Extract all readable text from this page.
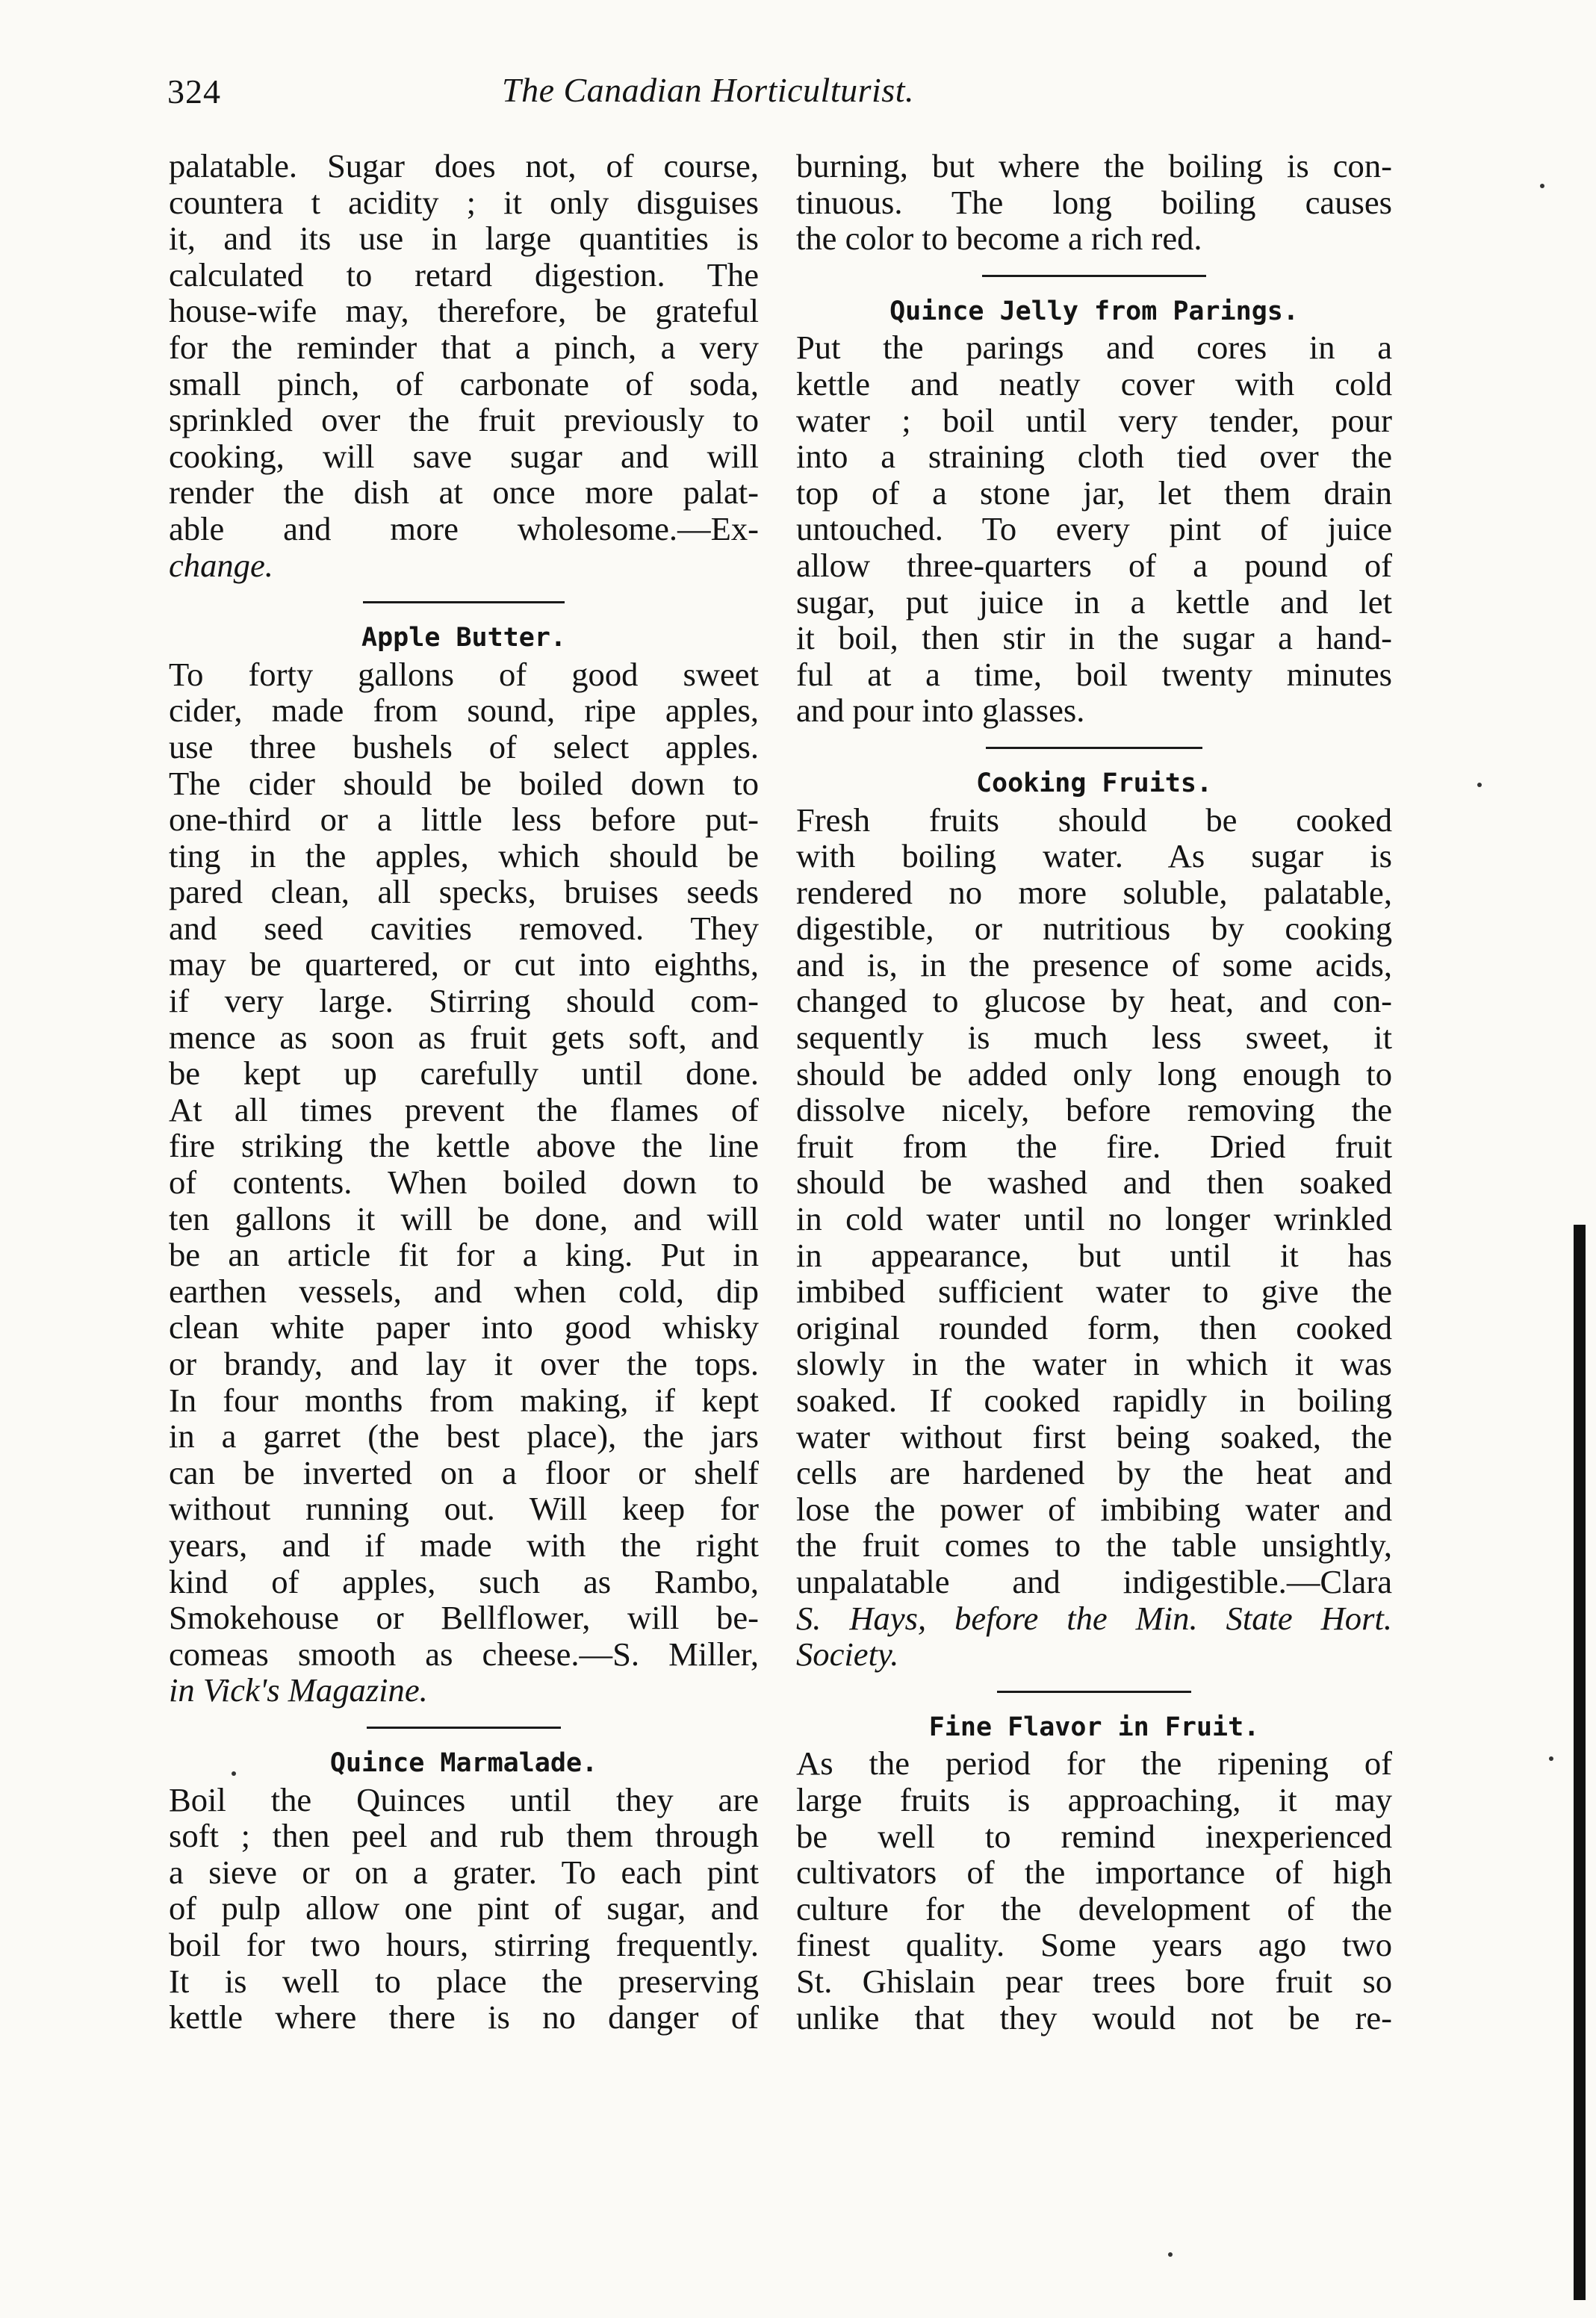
324	The Canadian Horticulturist.
palatable. Sugar does not, of course,
countera t acidity ; it only disguises
it, and its use in large quantities is
calculated to retard digestion. The
house-wife may, therefore, be grateful
for the reminder that a pinch, a very
small pinch, of carbonate of soda,
sprinkled over the fruit previously to
cooking, will save sugar and will
render the dish at once more palat-
able and more wholesome.—Ex-
change.
Apple Butter.
To forty gallons of good sweet
cider, made from sound, ripe apples,
use three bushels of select apples.
The cider should be boiled down to
one-third or a little less before put-
ting in the apples, which should be
pared clean, all specks, bruises seeds
and seed cavities removed. They
may be quartered, or cut into eighths,
if very large. Stirring should com-
mence as soon as fruit gets soft, and
be kept up carefully until done.
At all times prevent the flames of
fire striking the kettle above the line
of contents. When boiled down to
ten gallons it will be done, and will
be an article fit for a king. Put in
earthen vessels, and when cold, dip
clean white paper into good whisky
or brandy, and lay it over the tops.
In four months from making, if kept
in a garret (the best place), the jars
can be inverted on a floor or shelf
without running out. Will keep for
years, and if made with the right
kind of apples, such as Rambo,
Smokehouse or Bellflower, will be-
comeas smooth as cheese.—S. Miller,
in Vick's Magazine.
Quince Marmalade.
Boil the Quinces until they are
soft ; then peel and rub them through
a sieve or on a grater. To each pint
of pulp allow one pint of sugar, and
boil for two hours, stirring frequently.
It is well to place the preserving
kettle where there is no danger of
burning, but where the boiling is con-
tinuous. The long boiling causes
the color to become a rich red.
Quince Jelly from Parings.
Put the parings and cores in a
kettle and neatly cover with cold
water ; boil until very tender, pour
into a straining cloth tied over the
top of a stone jar, let them drain
untouched. To every pint of juice
allow three-quarters of a pound of
sugar, put juice in a kettle and let
it boil, then stir in the sugar a hand-
ful at a time, boil twenty minutes
and pour into glasses.
Cooking Fruits.
Fresh fruits should be cooked
with boiling water. As sugar is
rendered no more soluble, palatable,
digestible, or nutritious by cooking
and is, in the presence of some acids,
changed to glucose by heat, and con-
sequently is much less sweet, it
should be added only long enough to
dissolve nicely, before removing the
fruit from the fire. Dried fruit
should be washed and then soaked
in cold water until no longer wrinkled
in appearance, but until it has
imbibed sufficient water to give the
original rounded form, then cooked
slowly in the water in which it was
soaked. If cooked rapidly in boiling
water without first being soaked, the
cells are hardened by the heat and
lose the power of imbibing water and
the fruit comes to the table unsightly,
unpalatable and indigestible.—Clara
S. Hays, before the Min. State Hort.
Society.
Fine Flavor in Fruit.
As the period for the ripening of
large fruits is approaching, it may
be well to remind inexperienced
cultivators of the importance of high
culture for the development of the
finest quality. Some years ago two
St. Ghislain pear trees bore fruit so
unlike that they would not be re-
